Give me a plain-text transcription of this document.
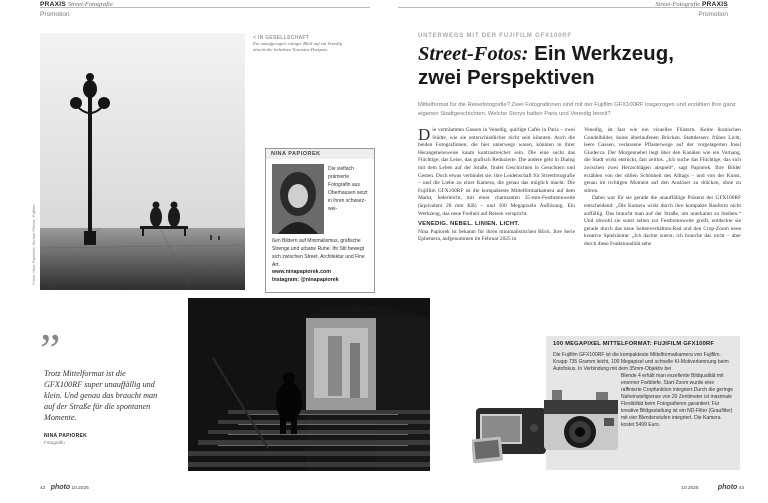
PRAXIS Street-Fotografie
Promotion
Street-Fotografie PRAXIS
Promotion
Fotos: Nina Papiorek; Sermin Pilevar; Fujifilm
< IN GESELLSCHAFT
Ein unaufgeregter, ruhiger Blick auf ein Venedig abseits der beliebten Touristen-Hotspots
NINA PAPIOREK
Die vielfach prämierte Fotografin aus Oberhausen setzt in ihren schwarz-wei-
ßen Bildern auf Minimalismus, grafische Strenge und urbane Ruhe. Ihr Stil bewegt sich zwischen Street, Architektur und Fine Art.
www.ninapapiorek.com
Instagram: @ninapapiorek
UNTERWEGS MIT DER FUJIFILM GFX100RF
Street-Fotos: Ein Werkzeug,
zwei Perspektiven
Mittelformat für die Reisefotografie? Zwei Fotografinnen sind mit der Fujifilm GFX100RF losgezogen und erzählen Ihre ganz eigenen Stadtgeschichten. Welche Storys halten Paris und Venedig bereit?

Die verträumten Gassen in Venedig, quirlige Cafés in Paris – zwei Städte, wie sie unterschiedlicher nicht sein könnten. Auch die beiden Fotografinnen, die hier unterwegs waren, könnten in ihrer Herangehensweise kaum kontrastreicher sein. Die eine sucht das Flüchtige, das Leise, das grafisch Reduzierte. Die andere geht in Dialog mit dem Leben auf der Straße, findet Geschichten in Gesichtern und Gesten. Doch etwas verbindet sie: ihre Leidenschaft für Streetfotografie – und die Liebe zu einer Kamera, die genau das möglich macht. Die Fujifilm GFX100RF ist die kompakteste Mittelformatkamera auf dem Markt, federleicht, mit einer charmanten 35-mm-Festbrennweite (äquivalent 28 mm KB) – und 100 Megapixeln Auflösung. Ein Werkzeug, das neue Freiheit auf Reisen verspricht.

VENEDIG. NEBEL. LINIEN. LICHT.

Nina Papiorek ist bekannt für ihren minimalistischen Blick. Ihre Serie Ephemera, aufgenommen im Februar 2025 in

Venedig, ist fast wie ein visuelles Flüstern. Keine ikonischen Gondelbilder, keine überlaufenen Brücken. Stattdessen: frühes Licht, leere Gassen, verlassene Pflasterwege auf der vorgelagerten Insel Giudecca. Der Morgennebel liegt über den Kanälen wie ein Vorhang, die Stadt wirkt entrückt, fast zeitlos. „Ich suche das Flüchtige, das sich zwischen zwei Herzschlägen abspielt“, sagt Papiorek. Ihre Bilder erzählen von der stillen Schönheit des Alltags – und von der Kunst, genau im richtigen Moment auf den Auslöser zu drücken, ohne zu stören.

Dabei war für sie gerade die unauffällige Präsenz der GFX100RF entscheidend: „Die Kamera wirkt durch ihre kompakte Bauform nicht auffällig. Das braucht man auf der Straße, um unerkannt zu bleiben.“ Und obwohl sie sonst selten zur Festbrennweite greift, entdeckte sie gerade durch das neue Seitenverhältnis-Rad und den Crop-Zoom neue kreative Spielräume: „Ich dachte zuerst, ich brauche das nicht – aber durch diese Funktionalität sehe

”
Trotz Mittelformat ist die GFX100RF super unauffällig und klein. Und genau das braucht man auf der Straße für die spontanen Momente.
NINA PAPIOREK
Fotografin
100 MEGAPIXEL MITTELFORMAT: FUJIFILM GFX100RF
Die Fujifilm GFX100RF ist die kompakteste Mittelformatkamera von Fujifilm. Knapp 735 Gramm leicht, 100 Megapixel und schnelle KI-Motiverkennung beim Autofokus. In Verbindung mit dem 35mm-Objektiv bei
Blende 4 erhält man exzellente Bildqualität mit enormer Farbtiefe. Start Zoom wurde eine raffinierte Cropfunktion integriert.Durch die geringe Naheinstellgrenze von 20 Zentimeter ist maximale Flexibilität beim Fotografieren garantiert. Für kreative Bildgestaltung ist ein ND-Filter (Graufilter) mit vier Blendenstufen integriert. Die Kamera kostet 5499 Euro.
42 photo 10.2025	10.2025	photo 43
